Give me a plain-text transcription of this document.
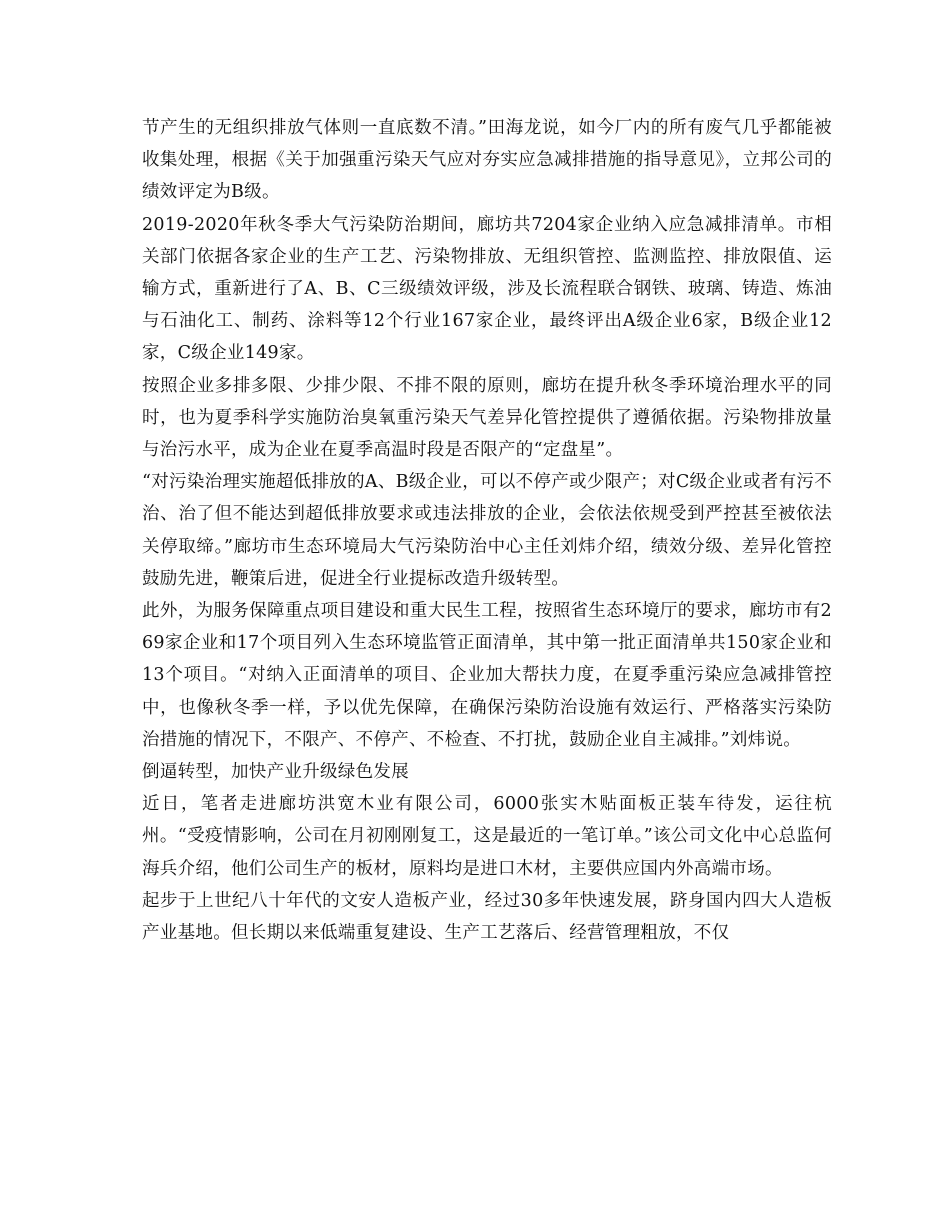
节产生的无组织排放气体则一直底数不清。”田海龙说，如今厂内的所有废气几乎都能被收集处理，根据《关于加强重污染天气应对夯实应急减排措施的指导意见》，立邦公司的绩效评定为B级。

2019-2020年秋冬季大气污染防治期间，廊坊共7204家企业纳入应急减排清单。市相关部门依据各家企业的生产工艺、污染物排放、无组织管控、监测监控、排放限值、运输方式，重新进行了A、B、C三级绩效评级，涉及长流程联合钢铁、玻璃、铸造、炼油与石油化工、制药、涂料等12个行业167家企业，最终评出A级企业6家，B级企业12家，C级企业149家。

按照企业多排多限、少排少限、不排不限的原则，廊坊在提升秋冬季环境治理水平的同时，也为夏季科学实施防治臭氧重污染天气差异化管控提供了遵循依据。污染物排放量与治污水平，成为企业在夏季高温时段是否限产的“定盘星”。

“对污染治理实施超低排放的A、B级企业，可以不停产或少限产；对C级企业或者有污不治、治了但不能达到超低排放要求或违法排放的企业，会依法依规受到严控甚至被依法关停取缔。”廊坊市生态环境局大气污染防治中心主任刘炜介绍，绩效分级、差异化管控鼓励先进，鞭策后进，促进全行业提标改造升级转型。

此外，为服务保障重点项目建设和重大民生工程，按照省生态环境厅的要求，廊坊市有269家企业和17个项目列入生态环境监管正面清单，其中第一批正面清单共150家企业和13个项目。“对纳入正面清单的项目、企业加大帮扶力度，在夏季重污染应急减排管控中，也像秋冬季一样，予以优先保障，在确保污染防治设施有效运行、严格落实污染防治措施的情况下，不限产、不停产、不检查、不打扰，鼓励企业自主减排。”刘炜说。

倒逼转型，加快产业升级绿色发展

近日，笔者走进廊坊洪宽木业有限公司，6000张实木贴面板正装车待发，运往杭州。“受疫情影响，公司在月初刚刚复工，这是最近的一笔订单。”该公司文化中心总监何海兵介绍，他们公司生产的板材，原料均是进口木材，主要供应国内外高端市场。

起步于上世纪八十年代的文安人造板产业，经过30多年快速发展，跻身国内四大人造板产业基地。但长期以来低端重复建设、生产工艺落后、经营管理粗放，不仅
